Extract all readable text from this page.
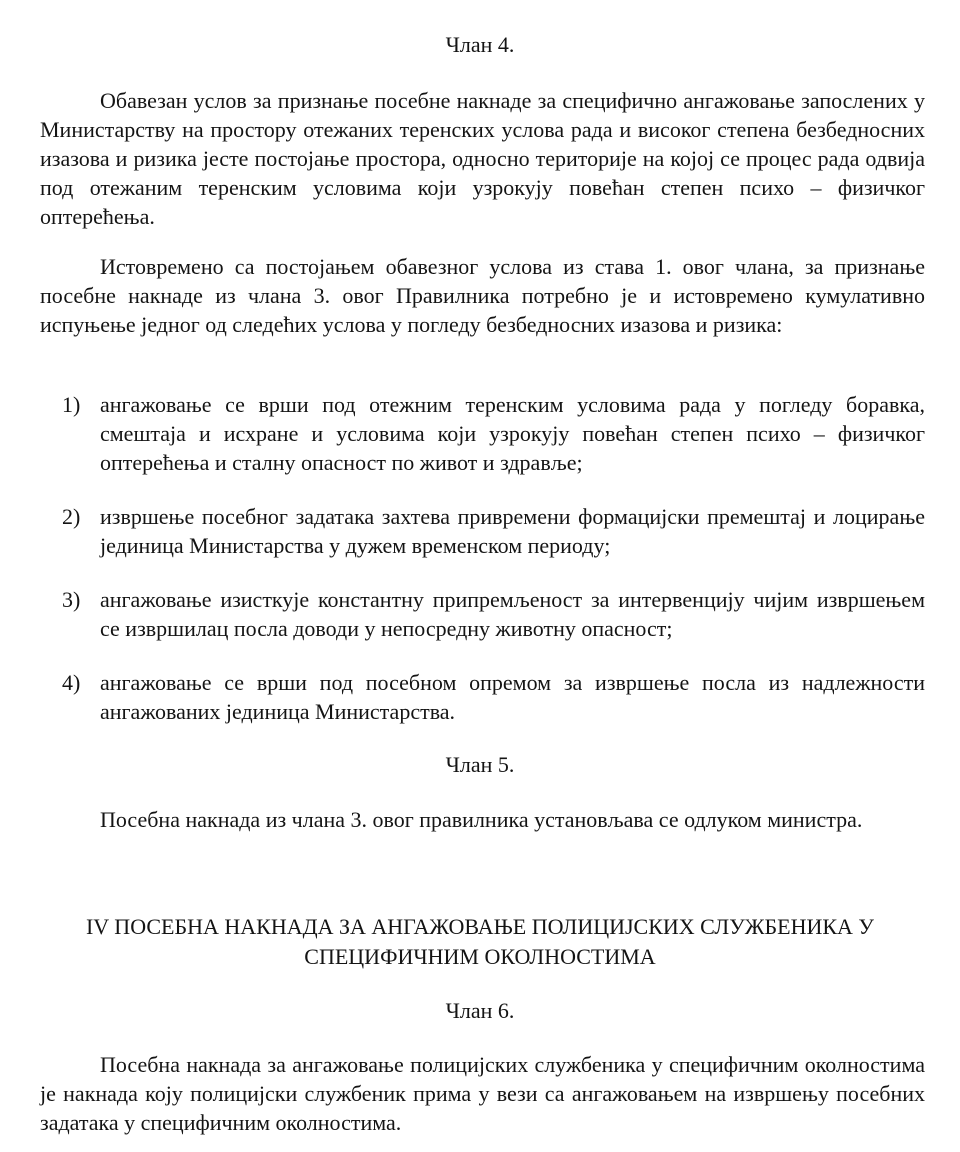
Члан 4.
Обавезан услов за признање посебне накнаде за специфично ангажовање запослених у Министарству на простору отежаних теренских услова рада и високог степена безбедносних изазова и ризика јесте постојање простора, односно територије на којој се процес рада одвија под отежаним теренским условима који узрокују повећан степен психо – физичког оптерећења.
Истовремено са постојањем обавезног услова из става 1. овог члана, за признање посебне накнаде из члана 3. овог Правилника потребно је и истовремено кумулативно испуњење једног од следећих услова у погледу безбедносних изазова и ризика:
1) ангажовање се врши под отежним теренским условима рада у погледу боравка, смештаја и исхране и условима који узрокују повећан степен психо – физичког оптерећења и сталну опасност по живот и здравље;
2) извршење посебног задатака захтева привремени формацијски премештај и лоцирање јединица Министарства у дужем временском периоду;
3) ангажовање изисткује константну припремљеност за интервенцију чијим извршењем се извршилац посла доводи у непосредну животну опасност;
4) ангажовање се врши под посебном опремом за извршење посла из надлежности ангажованих јединица Министарства.
Члан 5.
Посебна накнада из члана 3. овог правилника установљава се одлуком министра.
IV ПОСЕБНА НАКНАДА ЗА АНГАЖОВАЊЕ ПОЛИЦИЈСКИХ СЛУЖБЕНИКА У СПЕЦИФИЧНИМ ОКОЛНОСТИМА
Члан 6.
Посебна накнада за ангажовање полицијских службеника у специфичним околностима је накнада коју полицијски службеник прима у вези са ангажовањем на извршењу посебних задатака у специфичним околностима.
